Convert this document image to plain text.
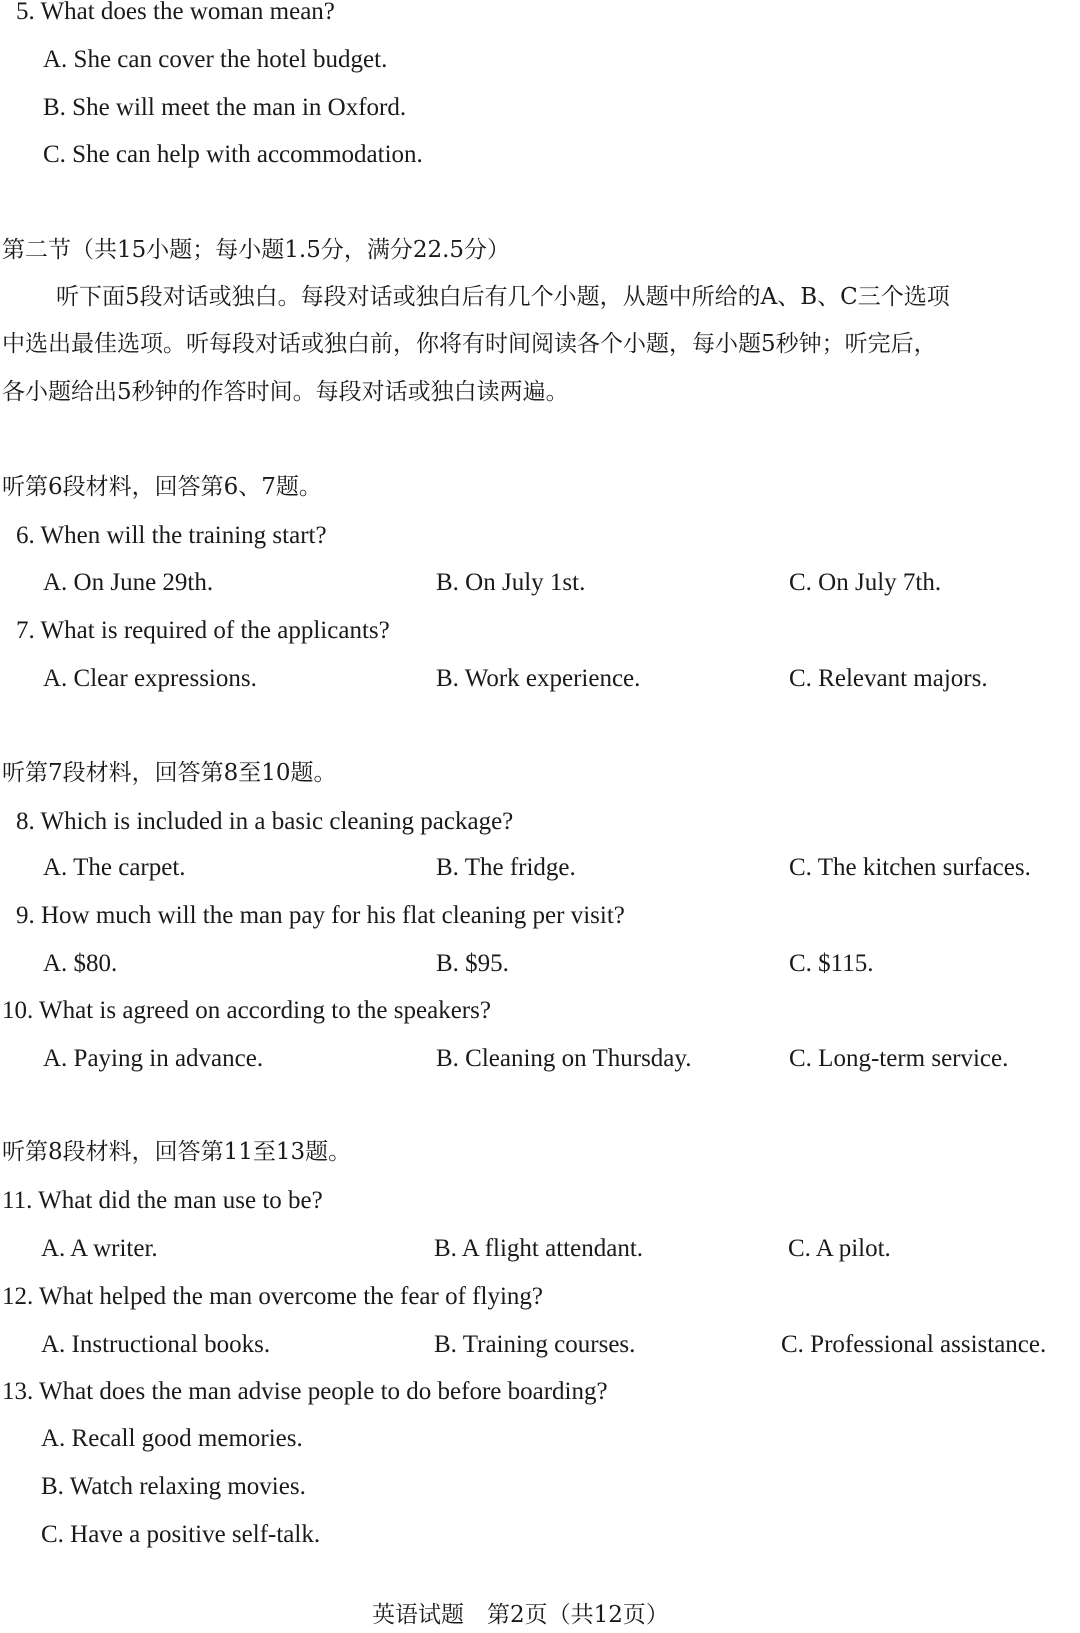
5. What does the woman mean?
A. She can cover the hotel budget.
B. She will meet the man in Oxford.
C. She can help with accommodation.
第二节（共15小题；每小题1.5分，满分22.5分）
听下面5段对话或独白。每段对话或独白后有几个小题，从题中所给的A、B、C三个选项
中选出最佳选项。听每段对话或独白前，你将有时间阅读各个小题，每小题5秒钟；听完后，
各小题给出5秒钟的作答时间。每段对话或独白读两遍。
听第6段材料，回答第6、7题。
6. When will the training start?
A. On June 29th.	B. On July 1st.	C. On July 7th.
7. What is required of the applicants?
A. Clear expressions.	B. Work experience.	C. Relevant majors.
听第7段材料，回答第8至10题。
8. Which is included in a basic cleaning package?
A. The carpet.	B. The fridge.	C. The kitchen surfaces.
9. How much will the man pay for his flat cleaning per visit?
A. $80.	B. $95.	C. $115.
10. What is agreed on according to the speakers?
A. Paying in advance.	B. Cleaning on Thursday.	C. Long-term service.
听第8段材料，回答第11至13题。
11. What did the man use to be?
A. A writer.	B. A flight attendant.	C. A pilot.
12. What helped the man overcome the fear of flying?
A. Instructional books.	B. Training courses.	C. Professional assistance.
13. What does the man advise people to do before boarding?
A. Recall good memories.
B. Watch relaxing movies.
C. Have a positive self-talk.
英语试题　第2页（共12页）
